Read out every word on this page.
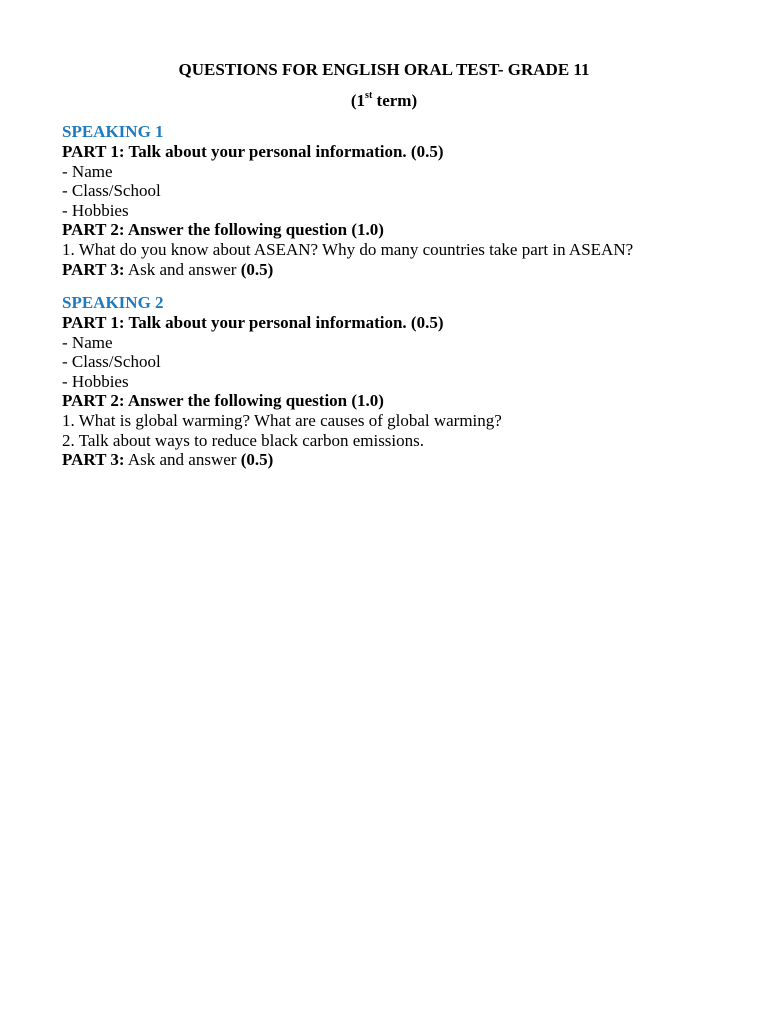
QUESTIONS FOR ENGLISH ORAL TEST- GRADE 11
(1st term)
SPEAKING 1
PART 1: Talk about your personal information. (0.5)
- Name
- Class/School
- Hobbies
PART 2: Answer the following question (1.0)
1. What do you know about ASEAN? Why do many countries take part in ASEAN?
PART 3: Ask and answer (0.5)
SPEAKING 2
PART 1: Talk about your personal information. (0.5)
- Name
- Class/School
- Hobbies
PART 2: Answer the following question (1.0)
1. What is global warming? What are causes of global warming?
2. Talk about ways to reduce black carbon emissions.
PART 3: Ask and answer (0.5)
